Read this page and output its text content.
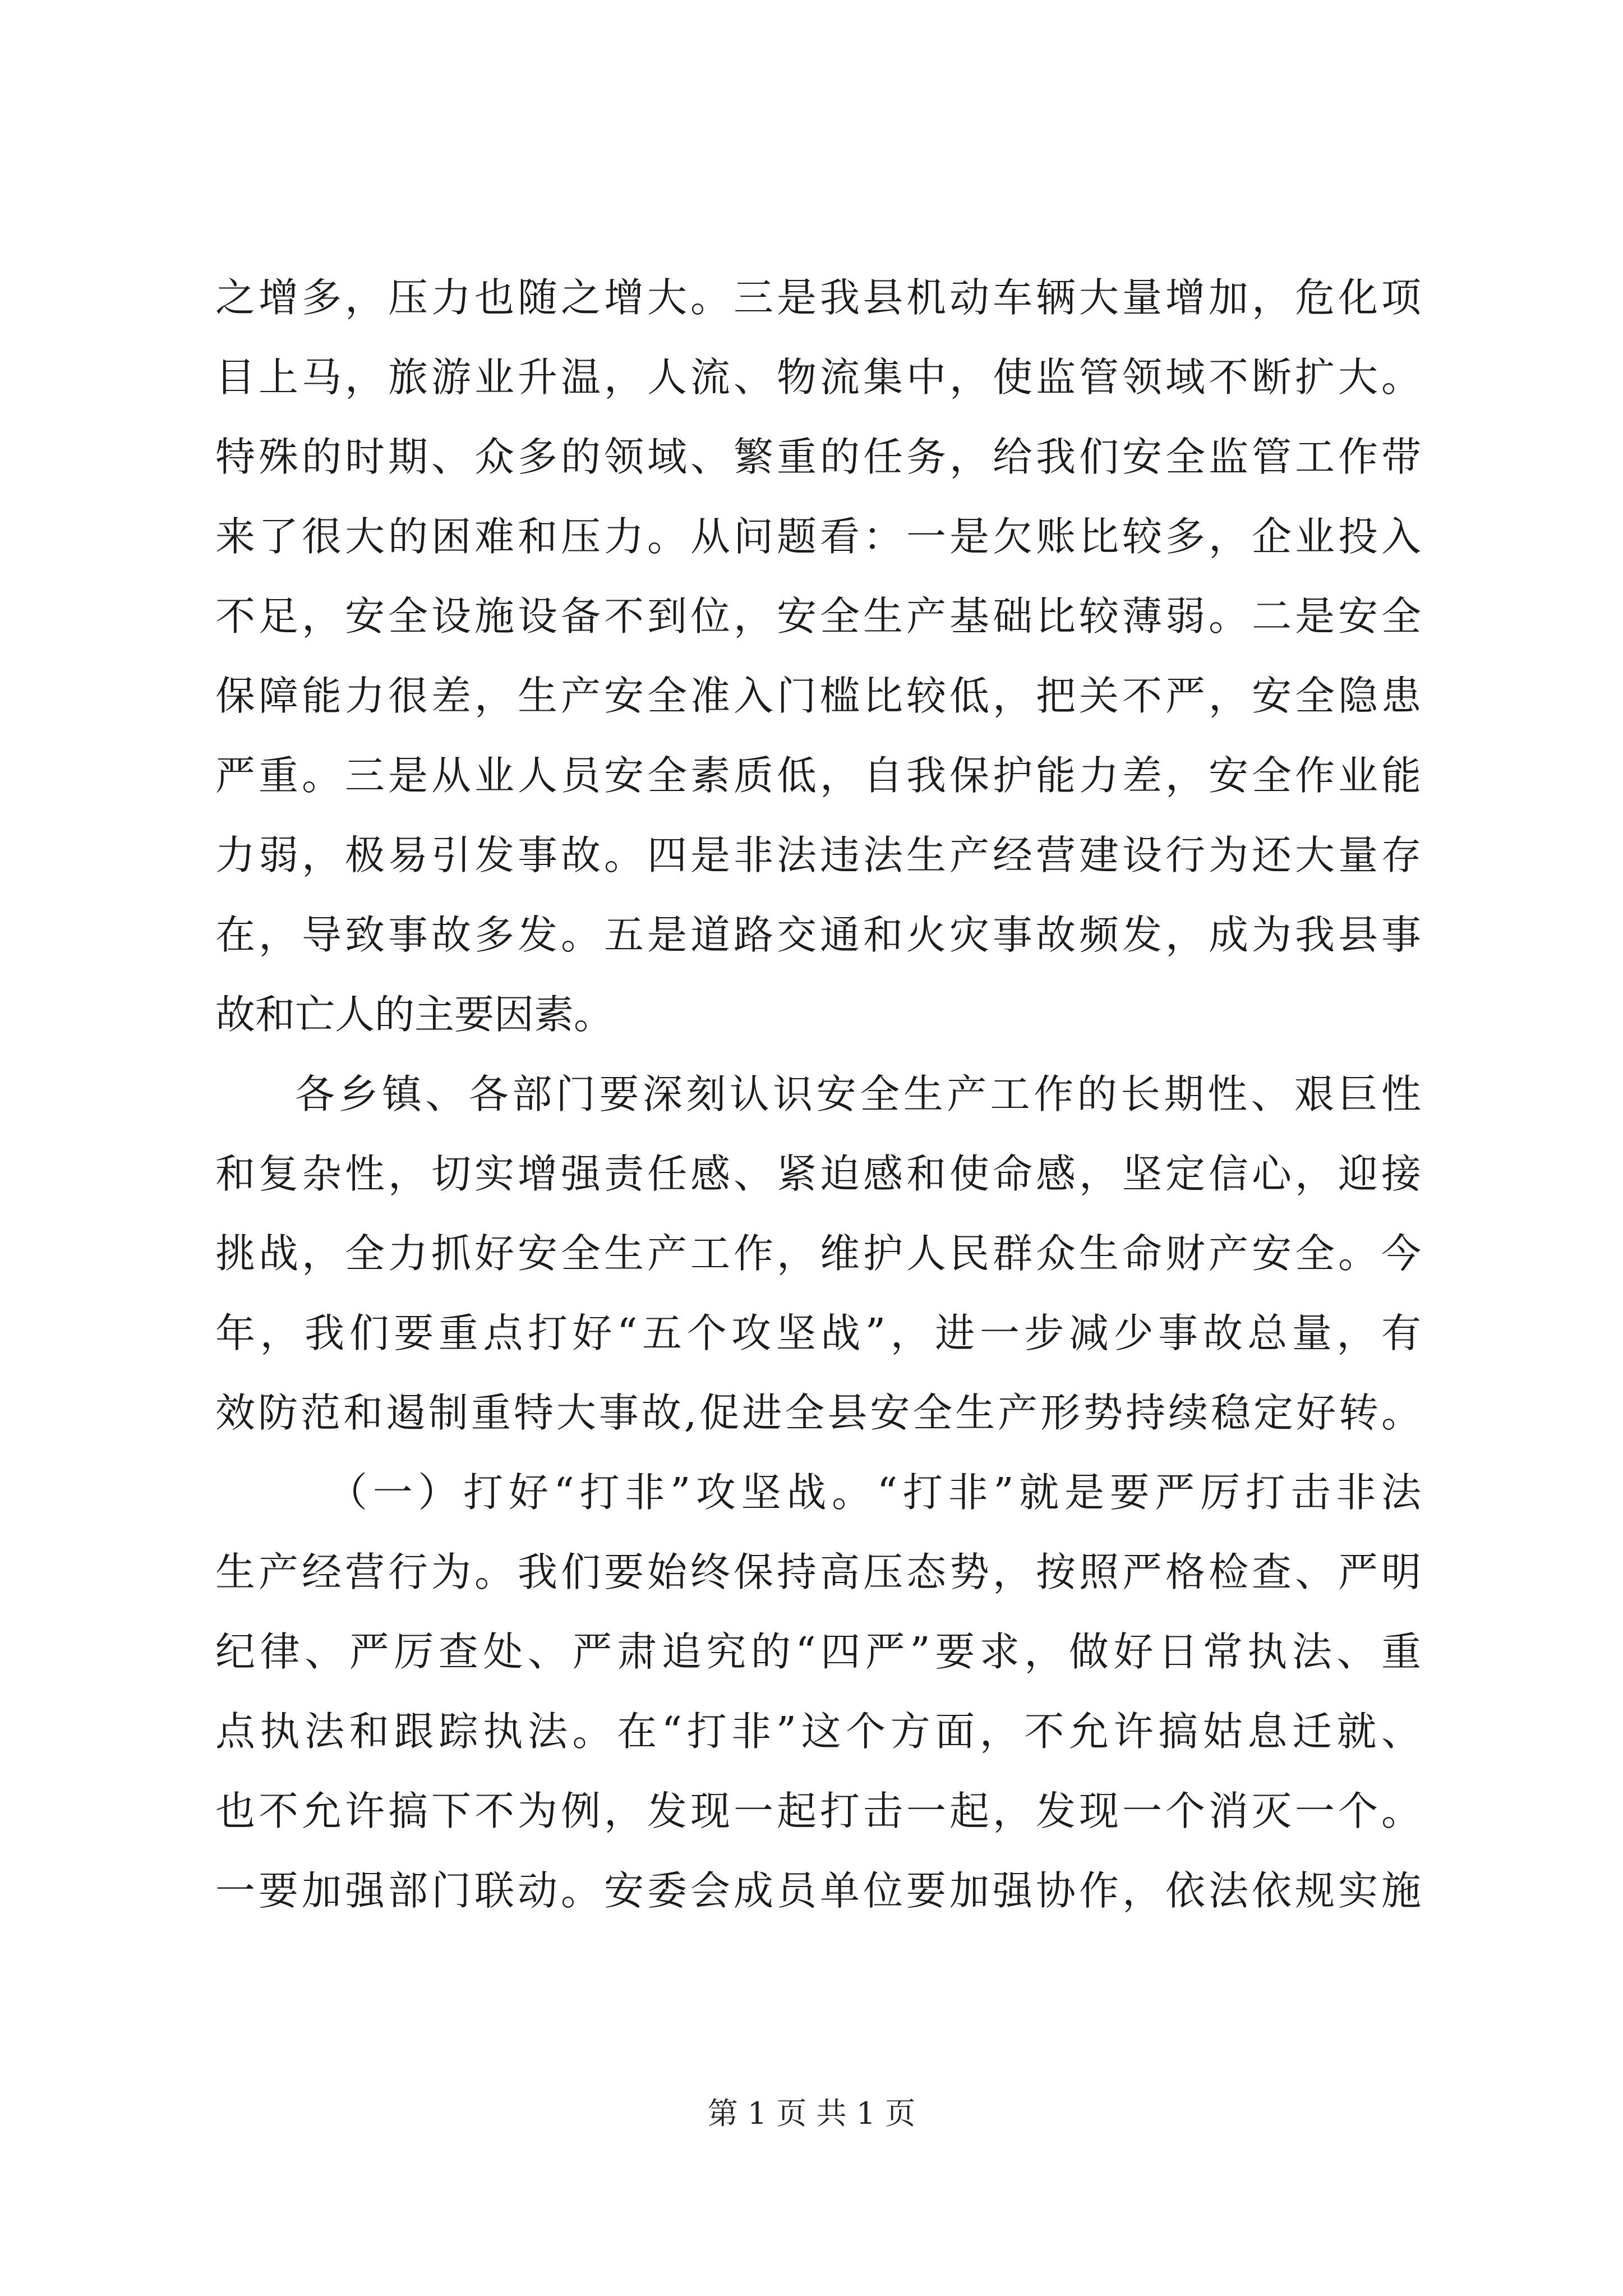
之增多，压力也随之增大。三是我县机动车辆大量增加，危化项
目上马，旅游业升温，人流、物流集中，使监管领域不断扩大。
特殊的时期、众多的领域、繁重的任务，给我们安全监管工作带
来了很大的困难和压力。从问题看：一是欠账比较多，企业投入
不足，安全设施设备不到位，安全生产基础比较薄弱。二是安全
保障能力很差，生产安全准入门槛比较低，把关不严，安全隐患
严重。三是从业人员安全素质低，自我保护能力差，安全作业能
力弱，极易引发事故。四是非法违法生产经营建设行为还大量存
在，导致事故多发。五是道路交通和火灾事故频发，成为我县事
故和亡人的主要因素。
各乡镇、各部门要深刻认识安全生产工作的长期性、艰巨性
和复杂性，切实增强责任感、紧迫感和使命感，坚定信心，迎接
挑战，全力抓好安全生产工作，维护人民群众生命财产安全。今
年，我们要重点打好“五个攻坚战”，进一步减少事故总量，有
效防范和遏制重特大事故,促进全县安全生产形势持续稳定好转。
（一）打好“打非”攻坚战。“打非”就是要严厉打击非法
生产经营行为。我们要始终保持高压态势，按照严格检查、严明
纪律、严厉查处、严肃追究的“四严”要求，做好日常执法、重
点执法和跟踪执法。在“打非”这个方面，不允许搞姑息迁就、
也不允许搞下不为例，发现一起打击一起，发现一个消灭一个。
一要加强部门联动。安委会成员单位要加强协作，依法依规实施
第 1 页 共 1 页
